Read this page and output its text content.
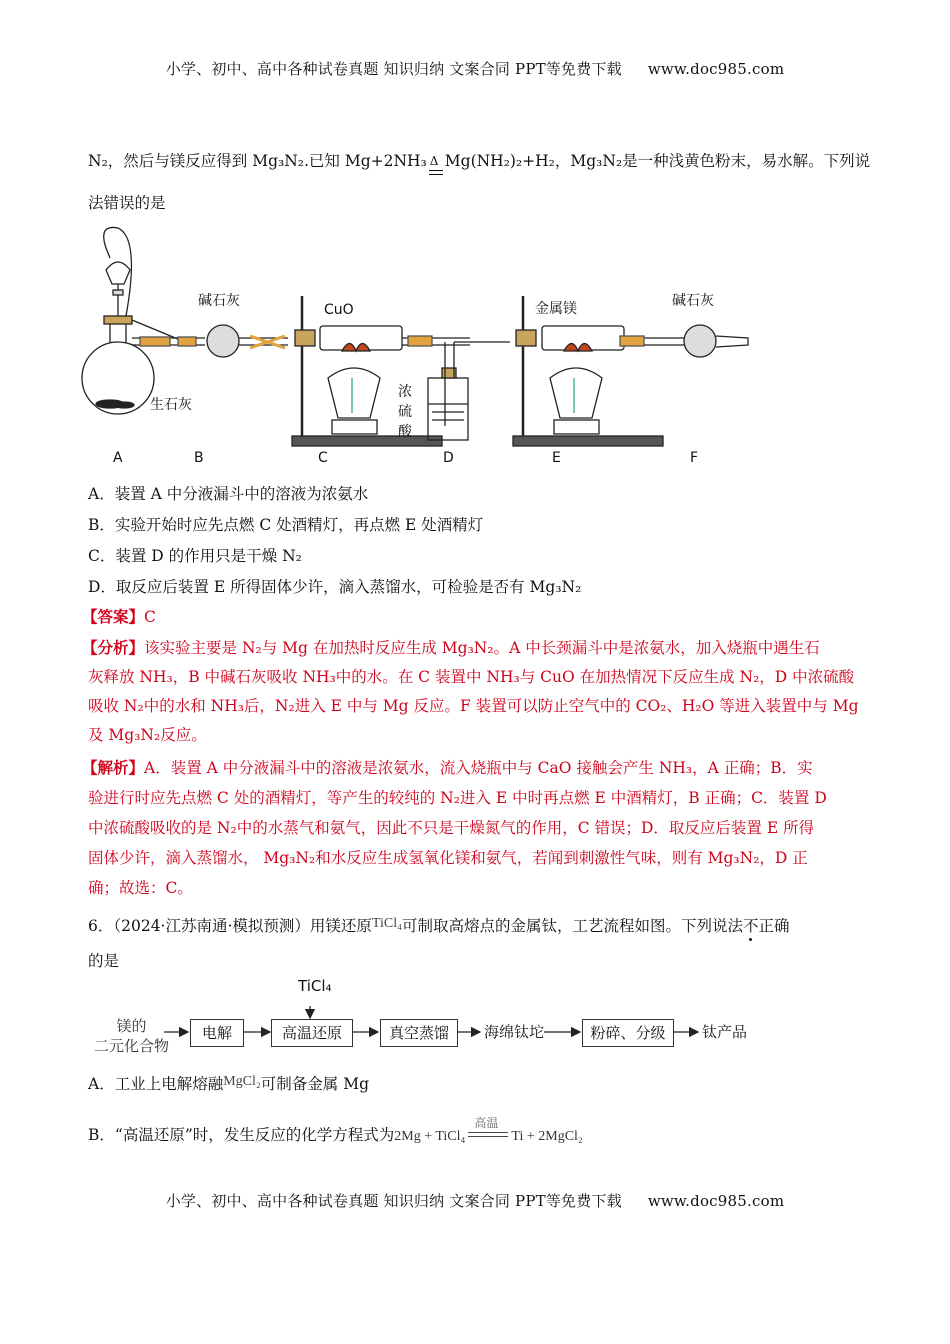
小学、初中、高中各种试卷真题 知识归纳 文案合同 PPT等免费下载 www.doc985.com
N₂，然后与镁反应得到 Mg₃N₂.已知 Mg+2NH₃ Δ Mg(NH₂)₂+H₂，Mg₃N₂是一种浅黄色粉末，易水解。下列说
法错误的是
碱石灰
CuO	金属镁	碱石灰
生石灰
浓
硫
酸
A	B	C	D	E	F
A．装置 A 中分液漏斗中的溶液为浓氨水
B．实验开始时应先点燃 C 处酒精灯，再点燃 E 处酒精灯
C．装置 D 的作用只是干燥 N₂
D．取反应后装置 E 所得固体少许，滴入蒸馏水，可检验是否有 Mg₃N₂
【答案】C
【分析】该实验主要是 N₂与 Mg 在加热时反应生成 Mg₃N₂。A 中长颈漏斗中是浓氨水，加入烧瓶中遇生石
灰释放 NH₃，B 中碱石灰吸收 NH₃中的水。在 C 装置中 NH₃与 CuO 在加热情况下反应生成 N₂，D 中浓硫酸
吸收 N₂中的水和 NH₃后，N₂进入 E 中与 Mg 反应。F 装置可以防止空气中的 CO₂、H₂O 等进入装置中与 Mg
及 Mg₃N₂反应。
【解析】A．装置 A 中分液漏斗中的溶液是浓氨水，流入烧瓶中与 CaO 接触会产生 NH₃，A 正确；B．实
验进行时应先点燃 C 处的酒精灯，等产生的较纯的 N₂进入 E 中时再点燃 E 中酒精灯，B 正确；C．装置 D
中浓硫酸吸收的是 N₂中的水蒸气和氨气，因此不只是干燥氮气的作用，C 错误；D．取反应后装置 E 所得
固体少许，滴入蒸馏水， Mg₃N₂和水反应生成氢氧化镁和氨气，若闻到刺激性气味，则有 Mg₃N₂，D 正
确；故选：C。
6．（2024·江苏南通·模拟预测）用镁还原TiCl₄可制取高熔点的金属钛，工艺流程如图。下列说法不正确
的是
镁的
二元化合物
TiCl₄
电解	高温还原	真空蒸馏	海绵钛坨	粉碎、分级	钛产品
A．工业上电解熔融MgCl₂可制备金属 Mg
B．“高温还原”时，发生反应的化学方程式为2Mg + TiCl₄
高温
Ti + 2MgCl₂
小学、初中、高中各种试卷真题 知识归纳 文案合同 PPT等免费下载 www.doc985.com
